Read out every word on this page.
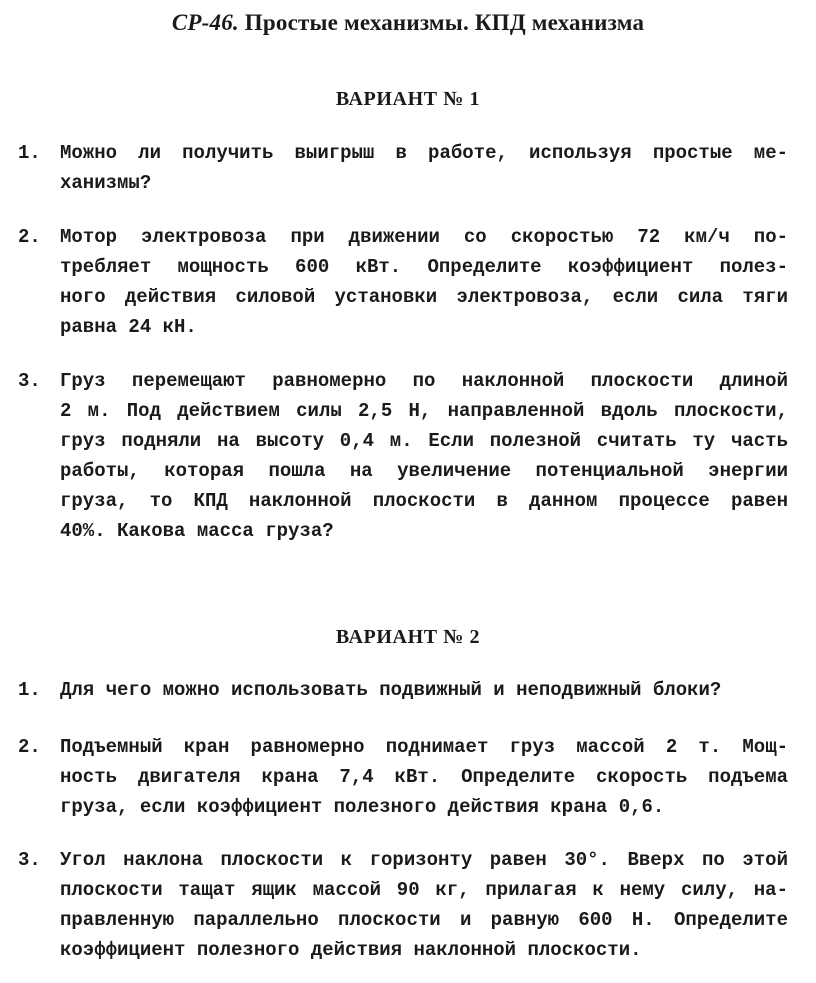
СР-46. Простые механизмы. КПД механизма
ВАРИАНТ № 1
1.	Можно ли получить выигрыш в работе, используя простые ме-
ханизмы?
2.	Мотор электровоза при движении со скоростью 72 км/ч по-
требляет мощность 600 кВт. Определите коэффициент полез-
ного действия силовой установки электровоза, если сила тяги
равна 24 кН.
3.	Груз перемещают равномерно по наклонной плоскости длиной
2 м. Под действием силы 2,5 Н, направленной вдоль плоскости,
груз подняли на высоту 0,4 м. Если полезной считать ту часть
работы, которая пошла на увеличение потенциальной энергии
груза, то КПД наклонной плоскости в данном процессе равен
40%. Какова масса груза?
ВАРИАНТ № 2
1.	Для чего можно использовать подвижный и неподвижный блоки?
2.	Подъемный кран равномерно поднимает груз массой 2 т. Мощ-
ность двигателя крана 7,4 кВт. Определите скорость подъема
груза, если коэффициент полезного действия крана 0,6.
3.	Угол наклона плоскости к горизонту равен 30°. Вверх по этой
плоскости тащат ящик массой 90 кг, прилагая к нему силу, на-
правленную параллельно плоскости и равную 600 Н. Определите
коэффициент полезного действия наклонной плоскости.
